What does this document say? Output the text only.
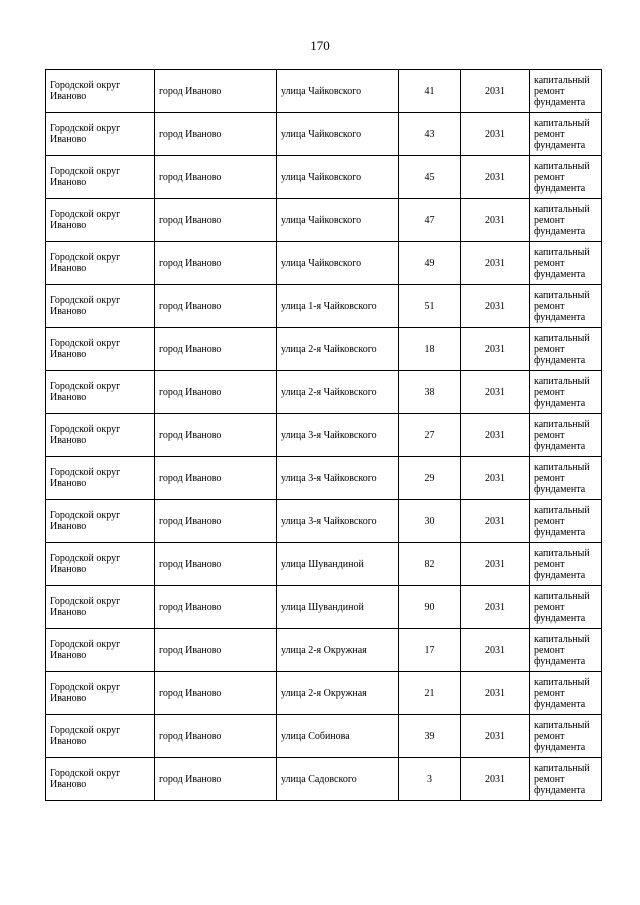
170
Городской округ Иваново	город Иваново	улица Чайковского	41	2031	капитальный
ремонт
фундамента

Городской округ Иваново	город Иваново	улица Чайковского	43	2031	капитальный
ремонт
фундамента

Городской округ Иваново	город Иваново	улица Чайковского	45	2031	капитальный
ремонт
фундамента

Городской округ Иваново	город Иваново	улица Чайковского	47	2031	капитальный
ремонт
фундамента

Городской округ Иваново	город Иваново	улица Чайковского	49	2031	капитальный
ремонт
фундамента

Городской округ Иваново	город Иваново	улица 1-я Чайковского	51	2031	капитальный
ремонт
фундамента

Городской округ Иваново	город Иваново	улица 2-я Чайковского	18	2031	капитальный
ремонт
фундамента

Городской округ Иваново	город Иваново	улица 2-я Чайковского	38	2031	капитальный
ремонт
фундамента

Городской округ Иваново	город Иваново	улица 3-я Чайковского	27	2031	капитальный
ремонт
фундамента

Городской округ Иваново	город Иваново	улица 3-я Чайковского	29	2031	капитальный
ремонт
фундамента

Городской округ Иваново	город Иваново	улица 3-я Чайковского	30	2031	капитальный
ремонт
фундамента

Городской округ Иваново	город Иваново	улица Шувандиной	82	2031	капитальный
ремонт
фундамента

Городской округ Иваново	город Иваново	улица Шувандиной	90	2031	капитальный
ремонт
фундамента

Городской округ Иваново	город Иваново	улица 2-я Окружная	17	2031	капитальный
ремонт
фундамента

Городской округ Иваново	город Иваново	улица 2-я Окружная	21	2031	капитальный
ремонт
фундамента

Городской округ Иваново	город Иваново	улица Собинова	39	2031	капитальный
ремонт
фундамента

Городской округ Иваново	город Иваново	улица Садовского	3	2031	капитальный
ремонт
фундамента
